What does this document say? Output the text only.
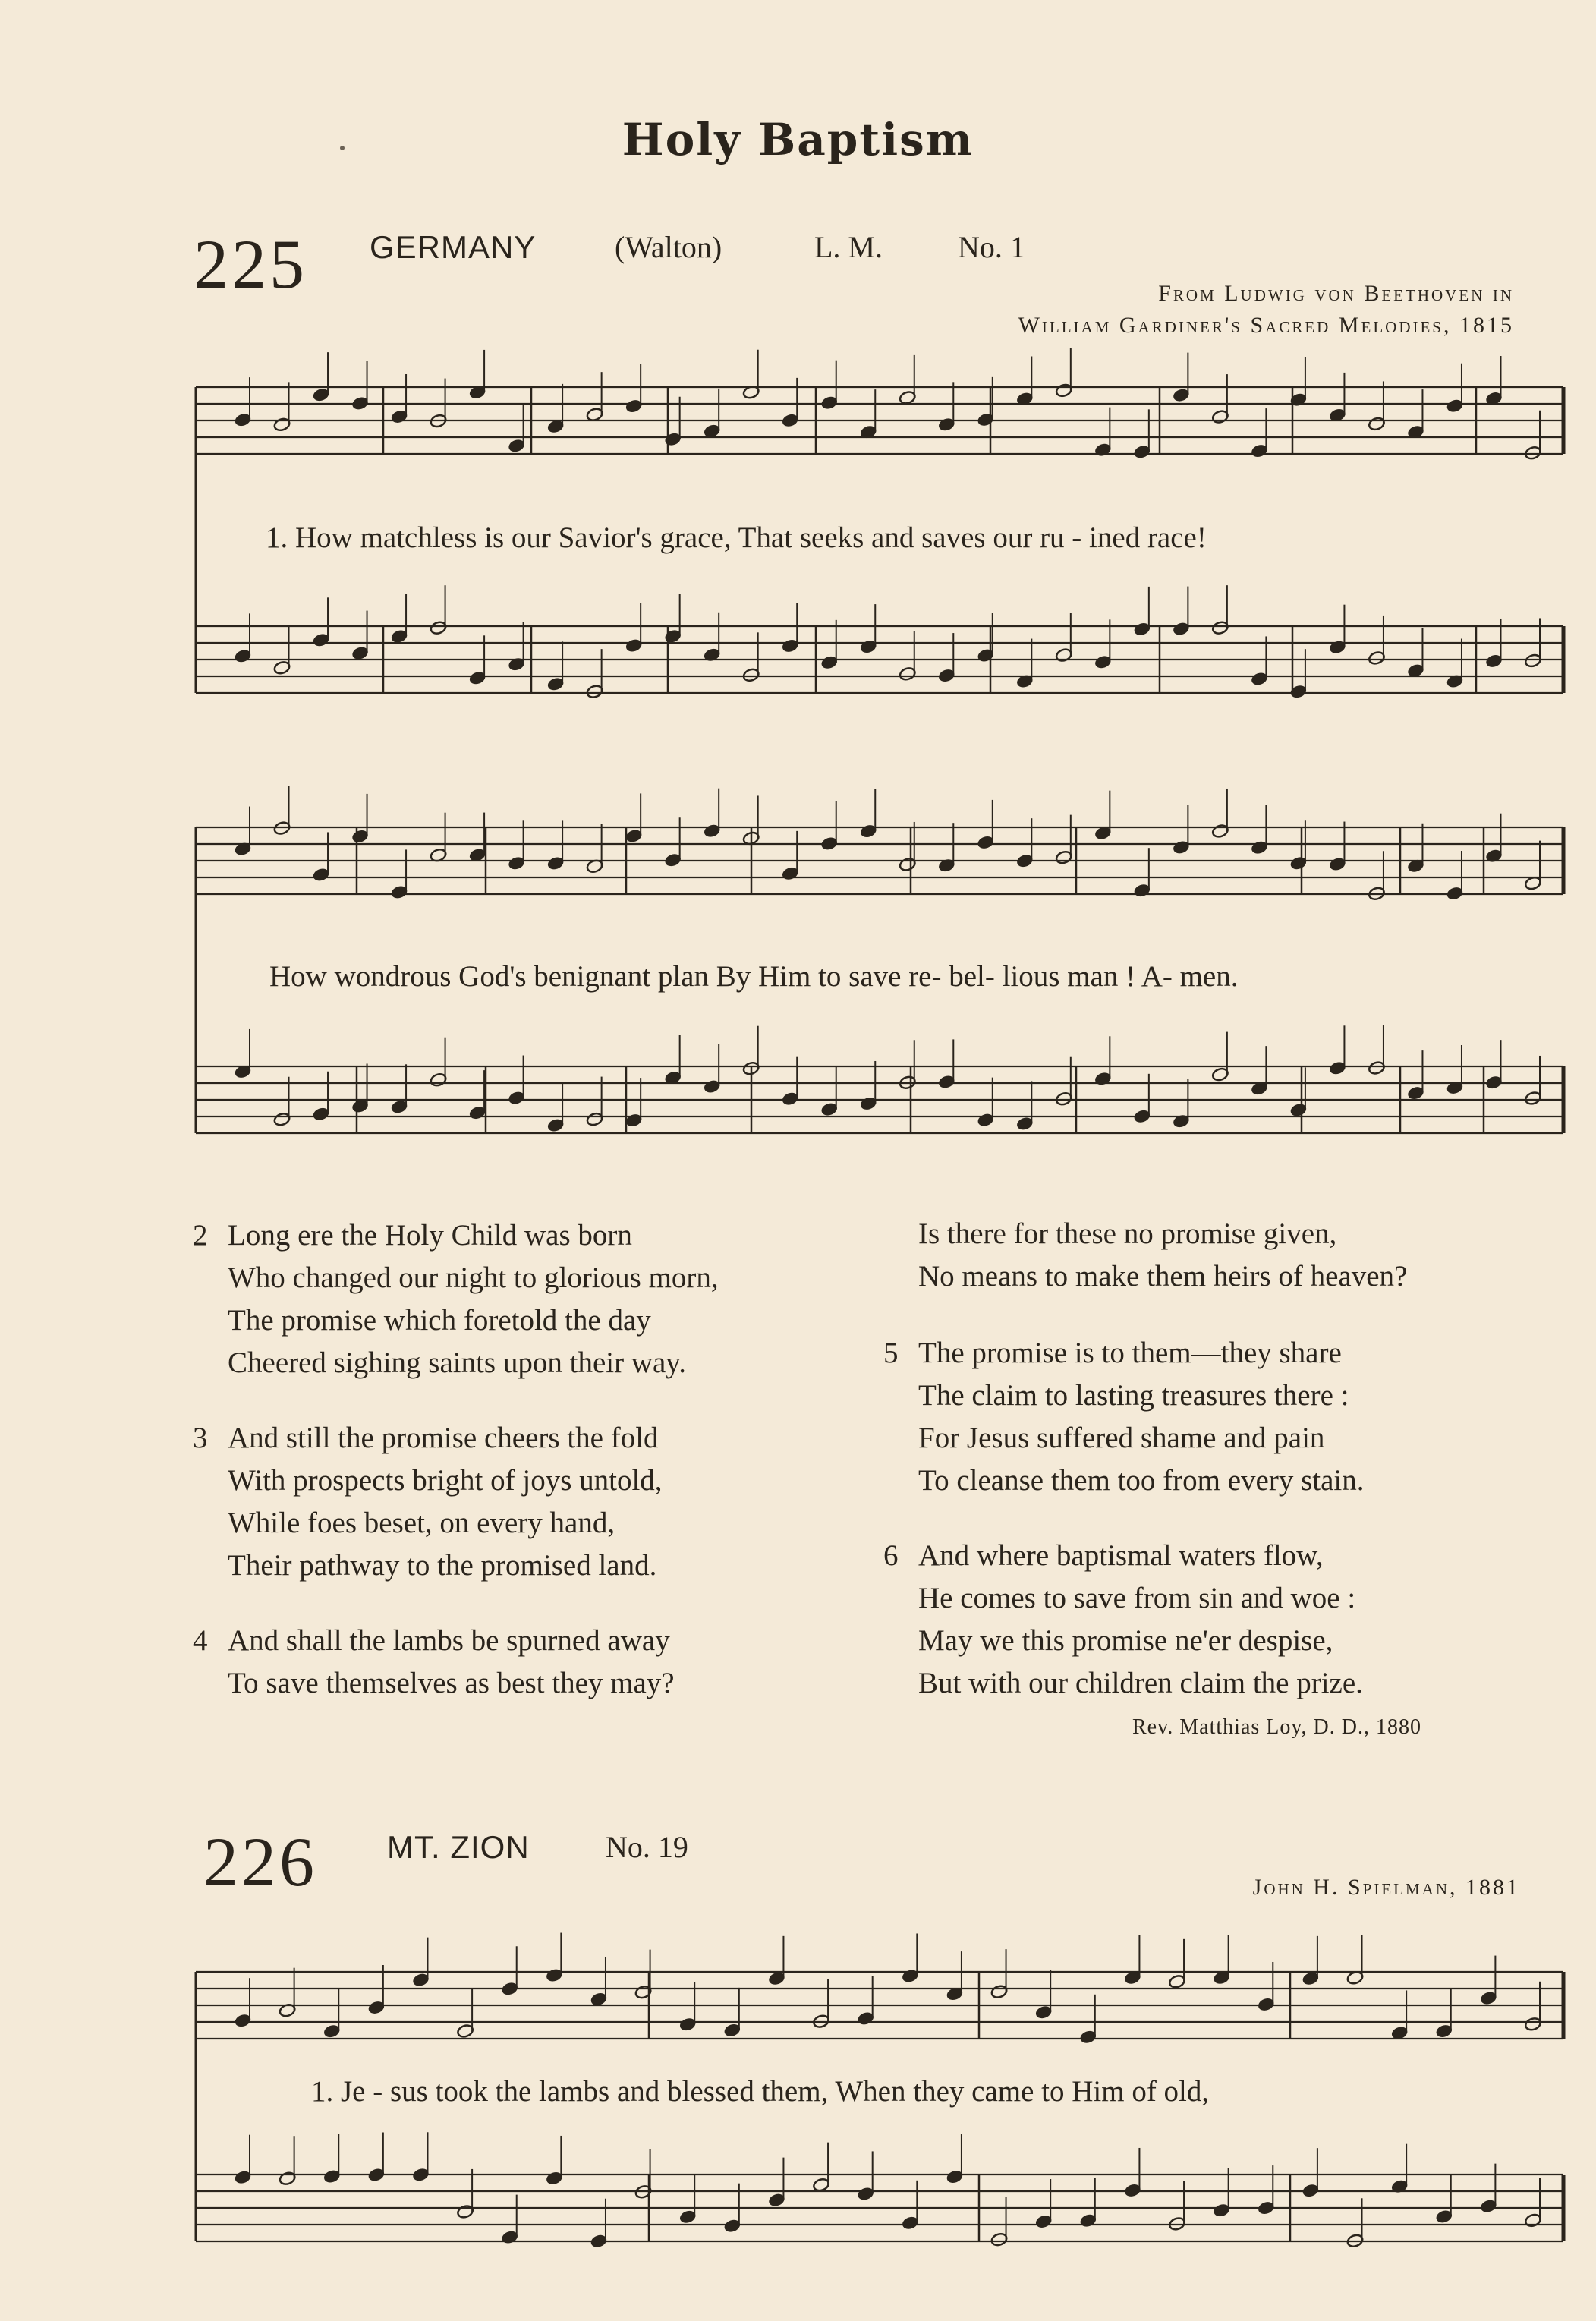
Holy Baptism
225 GERMANY	(Walton)	L. M. No. 1
From Ludwig von Beethoven in
William Gardiner's Sacred Melodies, 1815
1. How matchless is our Savior's grace, That seeks and saves our ru - ined race!
How wondrous God's benignant plan By Him to save re- bel- lious man ! A- men.
2 Long ere the Holy Child was born
Who changed our night to glorious morn,
The promise which foretold the day
Cheered sighing saints upon their way.
3 And still the promise cheers the fold
With prospects bright of joys untold,
While foes beset, on every hand,
Their pathway to the promised land.
4 And shall the lambs be spurned away
To save themselves as best they may?
Is there for these no promise given,
No means to make them heirs of heaven?
5 The promise is to them—they share
The claim to lasting treasures there :
For Jesus suffered shame and pain
To cleanse them too from every stain.
6 And where baptismal waters flow,
He comes to save from sin and woe :
May we this promise ne'er despise,
But with our children claim the prize.
Rev. Matthias Loy, D. D., 1880
226 MT. ZION	No. 19
John H. Spielman, 1881
1. Je - sus took the lambs and blessed them, When they came to Him of old,
